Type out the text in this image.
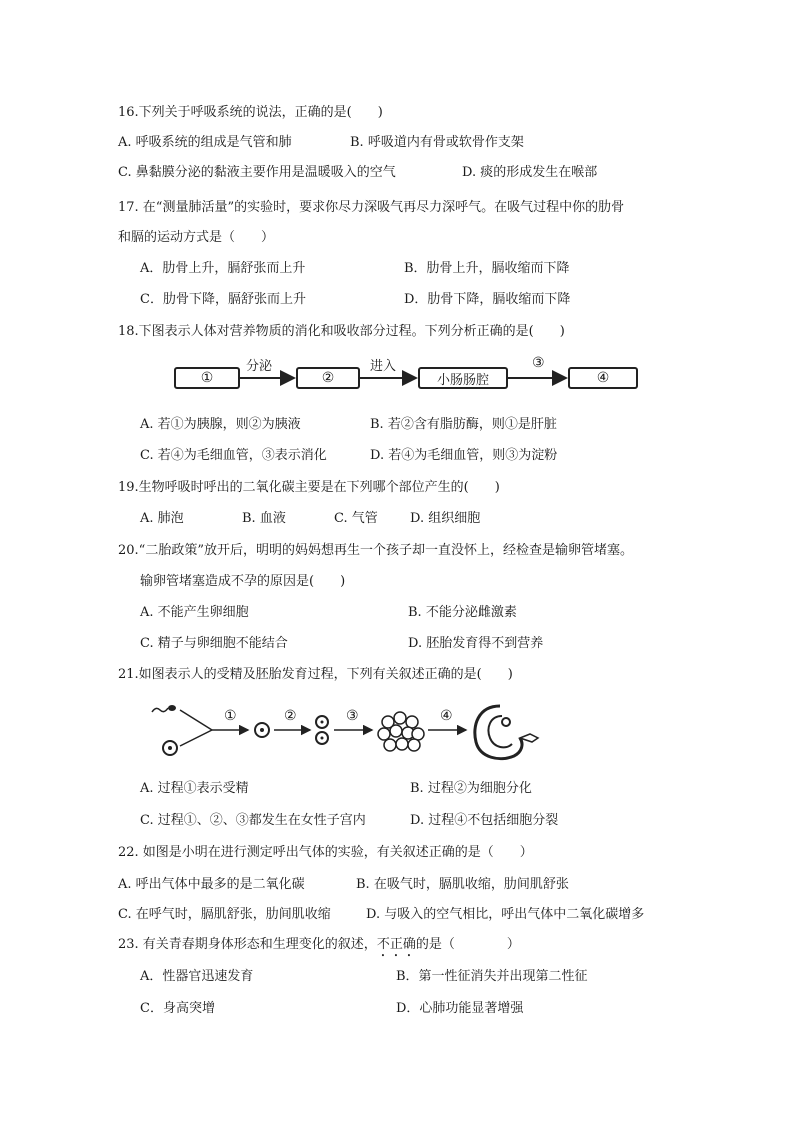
16.下列关于呼吸系统的说法，正确的是(　　)
A. 呼吸系统的组成是气管和肺	B. 呼吸道内有骨或软骨作支架
C. 鼻黏膜分泌的黏液主要作用是温暖吸入的空气	D. 痰的形成发生在喉部
17. 在“测量肺活量”的实验时，要求你尽力深吸气再尽力深呼气。在吸气过程中你的肋骨
和膈的运动方式是（　　）
A．肋骨上升，膈舒张而上升	B．肋骨上升，膈收缩而下降
C．肋骨下降，膈舒张而上升	D．肋骨下降，膈收缩而下降
18.下图表示人体对营养物质的消化和吸收部分过程。下列分析正确的是(　　)
①
分泌
②
进入
小肠肠腔
③
④
A. 若①为胰腺，则②为胰液	B. 若②含有脂肪酶，则①是肝脏
C. 若④为毛细血管，③表示消化	D. 若④为毛细血管，则③为淀粉
19.生物呼吸时呼出的二氧化碳主要是在下列哪个部位产生的(　　)
A. 肺泡	B. 血液	C. 气管 D. 组织细胞
20.“二胎政策”放开后，明明的妈妈想再生一个孩子却一直没怀上，经检查是输卵管堵塞。
输卵管堵塞造成不孕的原因是(　　)
A. 不能产生卵细胞	B. 不能分泌雌激素
C. 精子与卵细胞不能结合	D. 胚胎发育得不到营养
21.如图表示人的受精及胚胎发育过程，下列有关叙述正确的是(　　)
①	②	③	④
A. 过程①表示受精	B. 过程②为细胞分化
C. 过程①、②、③都发生在女性子宫内	D. 过程④不包括细胞分裂
22. 如图是小明在进行测定呼出气体的实验，有关叙述正确的是（　　）
A. 呼出气体中最多的是二氧化碳	B. 在吸气时，膈肌收缩，肋间肌舒张
C. 在呼气时，膈肌舒张，肋间肌收缩	D. 与吸入的空气相比，呼出气体中二氧化碳增多
23. 有关青春期身体形态和生理变化的叙述，不正确的是（　　　　）
A．性器官迅速发育	B．第一性征消失并出现第二性征
C．身高突增	D．心肺功能显著增强
